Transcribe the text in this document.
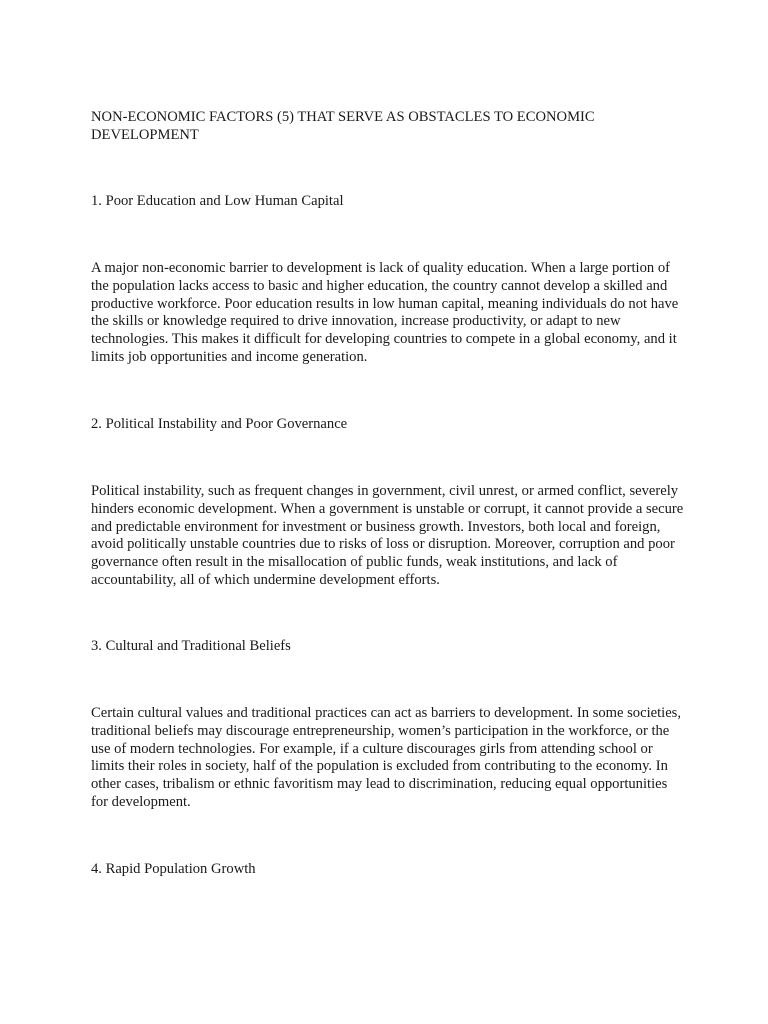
NON-ECONOMIC FACTORS (5) THAT SERVE AS OBSTACLES TO ECONOMIC DEVELOPMENT

1. Poor Education and Low Human Capital

A major non-economic barrier to development is lack of quality education. When a large portion of the population lacks access to basic and higher education, the country cannot develop a skilled and productive workforce. Poor education results in low human capital, meaning individuals do not have the skills or knowledge required to drive innovation, increase productivity, or adapt to new technologies. This makes it difficult for developing countries to compete in a global economy, and it limits job opportunities and income generation.

2. Political Instability and Poor Governance

Political instability, such as frequent changes in government, civil unrest, or armed conflict, severely hinders economic development. When a government is unstable or corrupt, it cannot provide a secure and predictable environment for investment or business growth. Investors, both local and foreign, avoid politically unstable countries due to risks of loss or disruption. Moreover, corruption and poor governance often result in the misallocation of public funds, weak institutions, and lack of accountability, all of which undermine development efforts.

3. Cultural and Traditional Beliefs

Certain cultural values and traditional practices can act as barriers to development. In some societies, traditional beliefs may discourage entrepreneurship, women’s participation in the workforce, or the use of modern technologies. For example, if a culture discourages girls from attending school or limits their roles in society, half of the population is excluded from contributing to the economy. In other cases, tribalism or ethnic favoritism may lead to discrimination, reducing equal opportunities for development.

4. Rapid Population Growth
